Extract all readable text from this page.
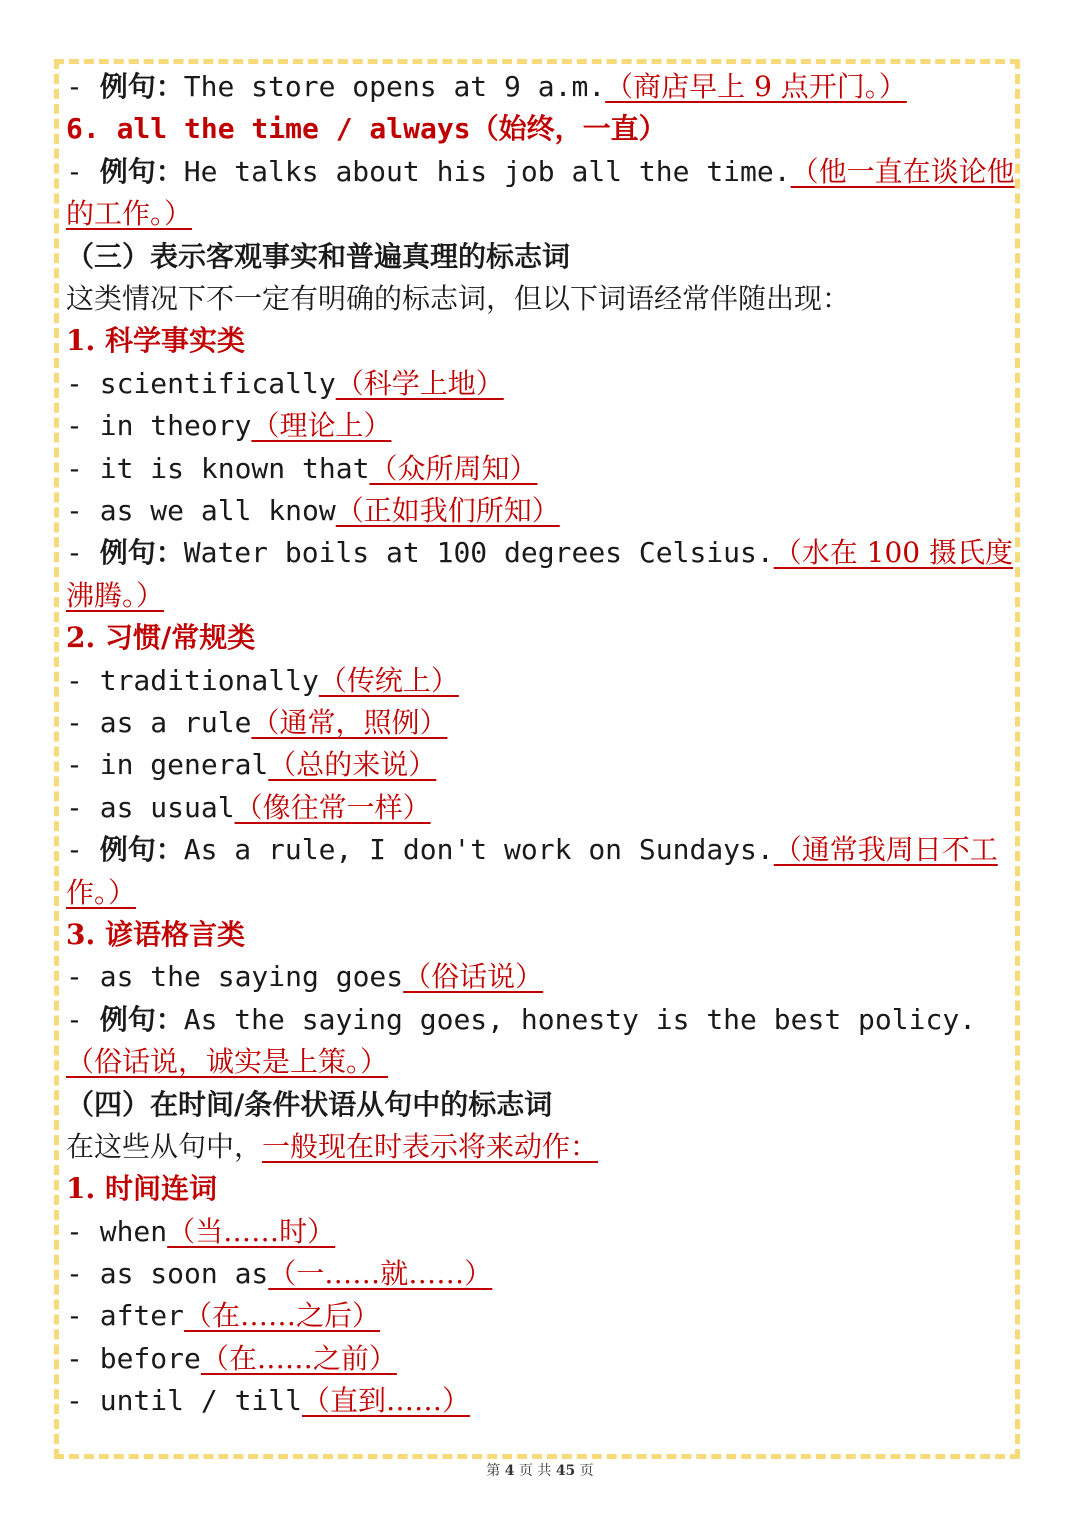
- 例句：The store opens at 9 a.m.（商店早上 9 点开门。）
6. all the time / always（始终，一直）
- 例句：He talks about his job all the time.（他一直在谈论他的工作。）
（三）表示客观事实和普遍真理的标志词
这类情况下不一定有明确的标志词，但以下词语经常伴随出现：
1. 科学事实类
- scientifically（科学上地）
- in theory（理论上）
- it is known that（众所周知）
- as we all know（正如我们所知）
- 例句：Water boils at 100 degrees Celsius.（水在 100 摄氏度沸腾。）
2. 习惯/常规类
- traditionally（传统上）
- as a rule（通常，照例）
- in general（总的来说）
- as usual（像往常一样）
- 例句：As a rule, I don't work on Sundays.（通常我周日不工作。）
3. 谚语格言类
- as the saying goes（俗话说）
- 例句：As the saying goes, honesty is the best policy.（俗话说，诚实是上策。）
（四）在时间/条件状语从句中的标志词
在这些从句中，一般现在时表示将来动作：
1. 时间连词
- when（当……时）
- as soon as（一……就……）
- after（在……之后）
- before（在……之前）
- until / till（直到……）
第 4 页 共 45 页
